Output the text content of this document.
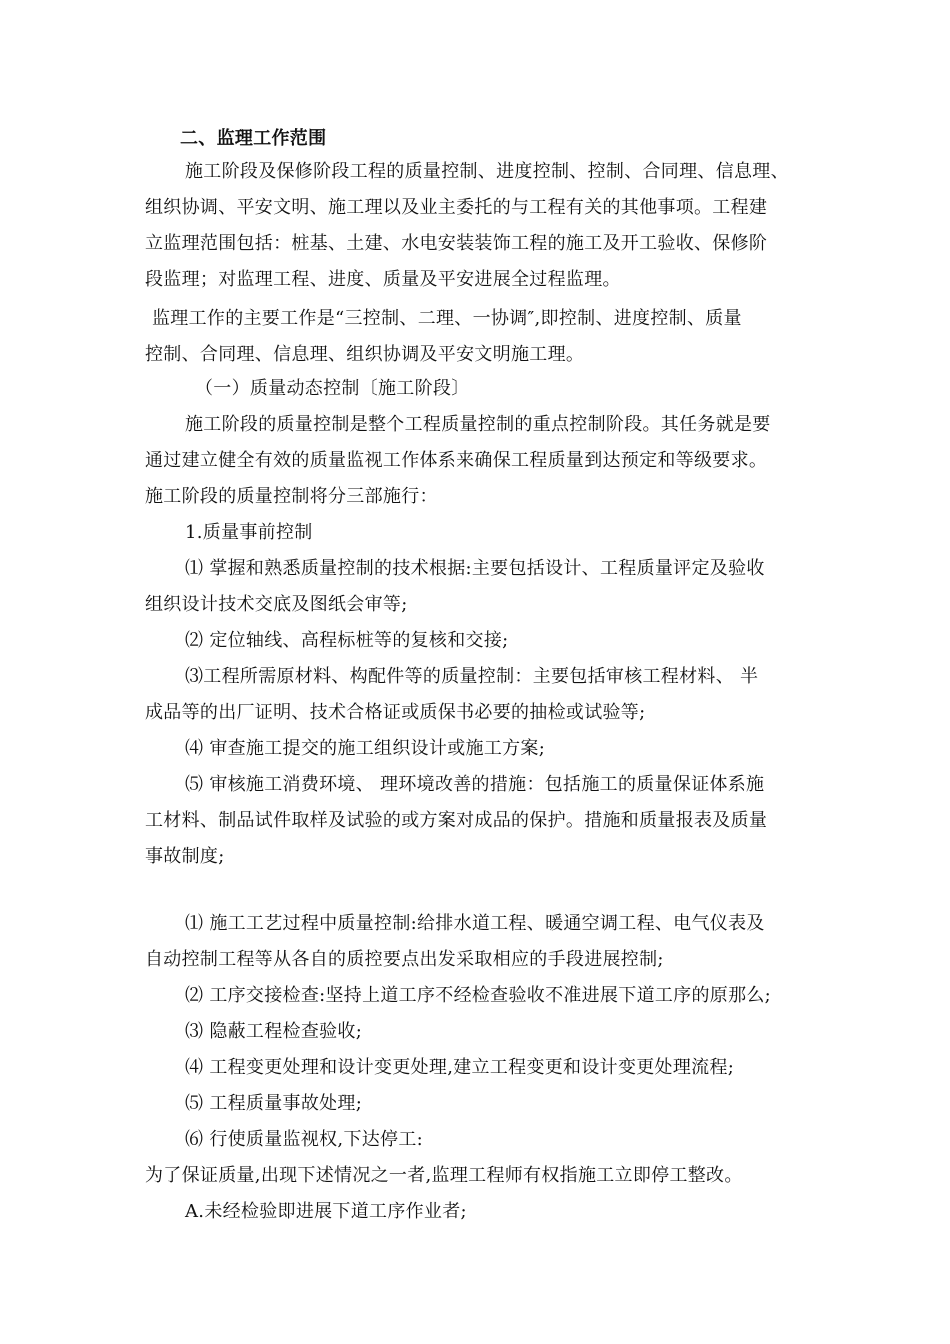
二、监理工作范围
施工阶段及保修阶段工程的质量控制、进度控制、控制、合同理、信息理、
组织协调、平安文明、施工理以及业主委托的与工程有关的其他事项。工程建
立监理范围包括：桩基、土建、水电安装装饰工程的施工及开工验收、保修阶
段监理；对监理工程、进度、质量及平安进展全过程监理。
监理工作的主要工作是“三控制、二理、一协调″,即控制、进度控制、质量
控制、合同理、信息理、组织协调及平安文明施工理。
（一）质量动态控制〔施工阶段〕
施工阶段的质量控制是整个工程质量控制的重点控制阶段。其任务就是要
通过建立健全有效的质量监视工作体系来确保工程质量到达预定和等级要求。
施工阶段的质量控制将分三部施行：
1.质量事前控制
⑴ 掌握和熟悉质量控制的技术根据:主要包括设计、工程质量评定及验收
组织设计技术交底及图纸会审等;
⑵ 定位轴线、高程标桩等的复核和交接;
⑶工程所需原材料、构配件等的质量控制：主要包括审核工程材料、 半
成品等的出厂证明、技术合格证或质保书必要的抽检或试验等;
⑷ 审查施工提交的施工组织设计或施工方案;
⑸ 审核施工消费环境、 理环境改善的措施：包括施工的质量保证体系施
工材料、制品试件取样及试验的或方案对成品的保护。措施和质量报表及质量
事故制度;
⑴ 施工工艺过程中质量控制:给排水道工程、暖通空调工程、电气仪表及
自动控制工程等从各自的质控要点出发采取相应的手段进展控制;
⑵ 工序交接检查:坚持上道工序不经检查验收不准进展下道工序的原那么;
⑶ 隐蔽工程检查验收;
⑷ 工程变更处理和设计变更处理,建立工程变更和设计变更处理流程;
⑸ 工程质量事故处理;
⑹ 行使质量监视权,下达停工:
为了保证质量,出现下述情况之一者,监理工程师有权指施工立即停工整改。
A.未经检验即进展下道工序作业者;
